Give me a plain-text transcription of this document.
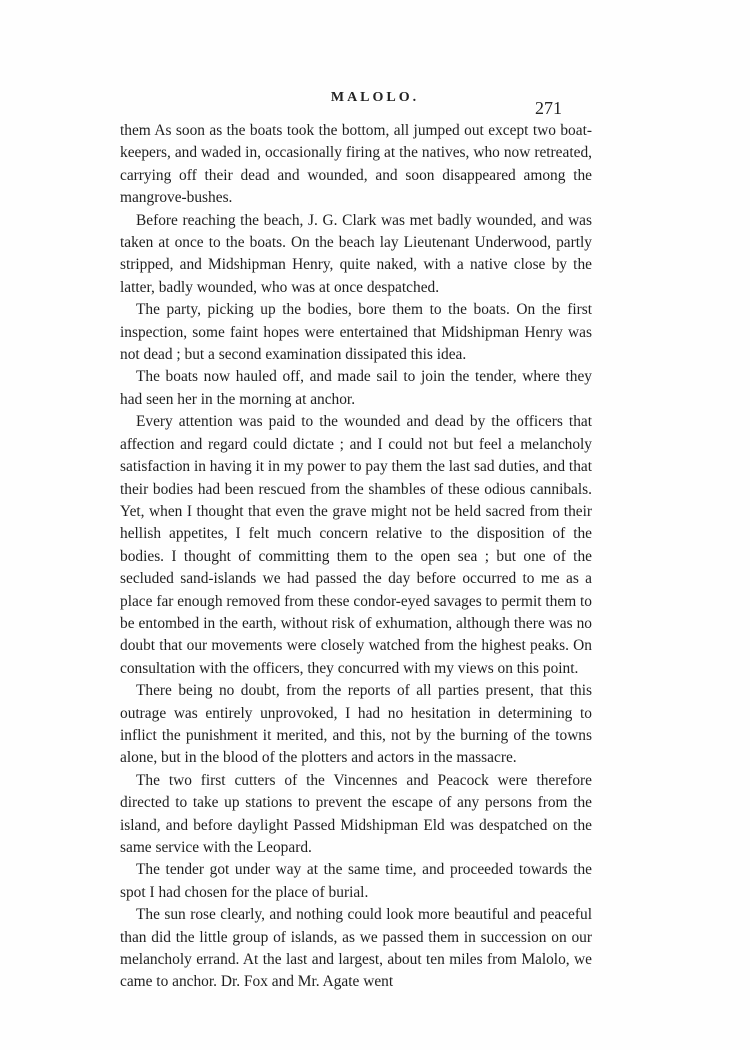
MALOLO.
271

them As soon as the boats took the bottom, all jumped out except two boat-keepers, and waded in, occasionally firing at the natives, who now retreated, carrying off their dead and wounded, and soon disappeared among the mangrove-bushes.

Before reaching the beach, J. G. Clark was met badly wounded, and was taken at once to the boats. On the beach lay Lieutenant Underwood, partly stripped, and Midshipman Henry, quite naked, with a native close by the latter, badly wounded, who was at once despatched.

The party, picking up the bodies, bore them to the boats. On the first inspection, some faint hopes were entertained that Midshipman Henry was not dead ; but a second examination dissipated this idea.

The boats now hauled off, and made sail to join the tender, where they had seen her in the morning at anchor.

Every attention was paid to the wounded and dead by the officers that affection and regard could dictate ; and I could not but feel a melancholy satisfaction in having it in my power to pay them the last sad duties, and that their bodies had been rescued from the shambles of these odious cannibals. Yet, when I thought that even the grave might not be held sacred from their hellish appetites, I felt much concern relative to the disposition of the bodies. I thought of committing them to the open sea ; but one of the secluded sand-islands we had passed the day before occurred to me as a place far enough removed from these condor-eyed savages to permit them to be entombed in the earth, without risk of exhumation, although there was no doubt that our movements were closely watched from the highest peaks. On consultation with the officers, they concurred with my views on this point.

There being no doubt, from the reports of all parties present, that this outrage was entirely unprovoked, I had no hesitation in determining to inflict the punishment it merited, and this, not by the burning of the towns alone, but in the blood of the plotters and actors in the massacre.

The two first cutters of the Vincennes and Peacock were therefore directed to take up stations to prevent the escape of any persons from the island, and before daylight Passed Midshipman Eld was despatched on the same service with the Leopard.

The tender got under way at the same time, and proceeded towards the spot I had chosen for the place of burial.

The sun rose clearly, and nothing could look more beautiful and peaceful than did the little group of islands, as we passed them in succession on our melancholy errand. At the last and largest, about ten miles from Malolo, we came to anchor. Dr. Fox and Mr. Agate went
